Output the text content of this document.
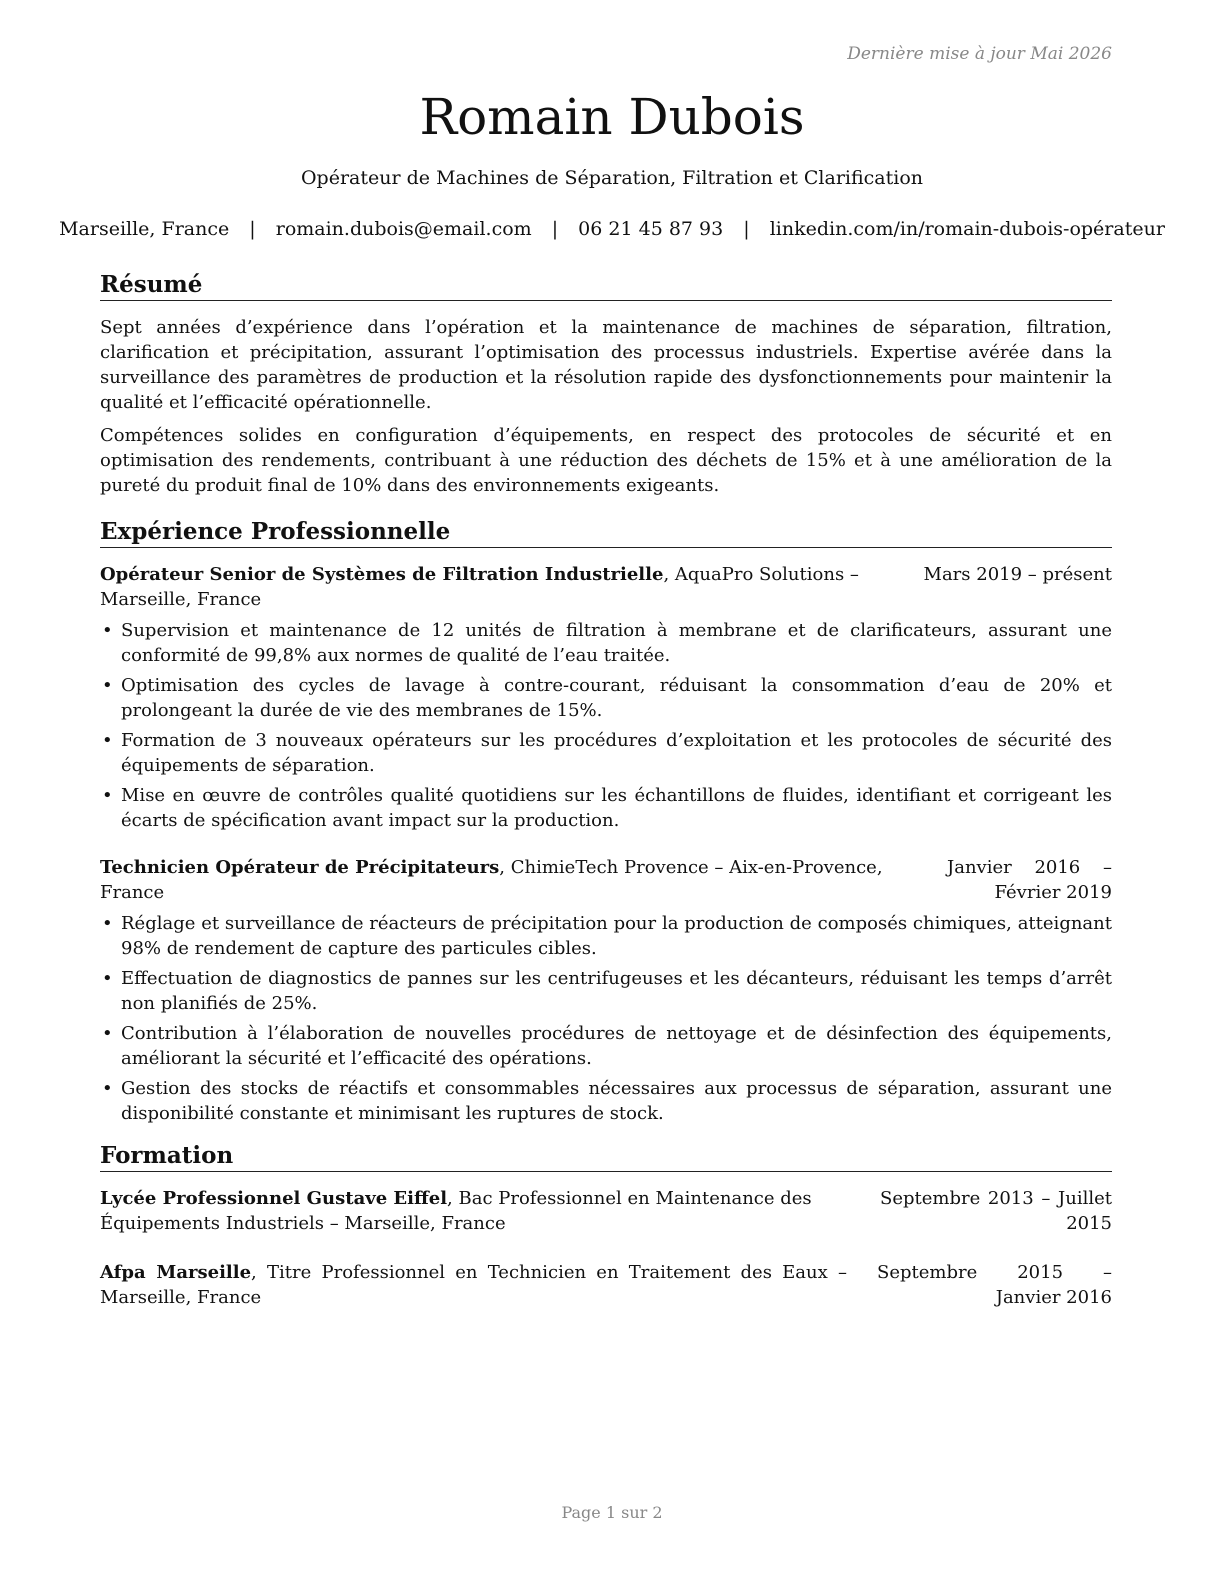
Dernière mise à jour Mai 2026
Romain Dubois
Opérateur de Machines de Séparation, Filtration et Clarification
Marseille, France | romain.dubois@email.com | 06 21 45 87 93 | linkedin.com/in/romain-dubois-opérateur
Résumé

Sept années d’expérience dans l’opération et la maintenance de machines de séparation, filtration, clarification et précipitation, assurant l’optimisation des processus industriels. Expertise avérée dans la surveillance des paramètres de production et la résolution rapide des dysfonctionnements pour maintenir la qualité et l’efficacité opérationnelle.

Compétences solides en configuration d’équipements, en respect des protocoles de sécurité et en optimisation des rendements, contribuant à une réduction des déchets de 15% et à une amélioration de la pureté du produit final de 10% dans des environnements exigeants.

Expérience Professionnelle
Opérateur Senior de Systèmes de Filtration Industrielle, AquaPro Solutions – Marseille, France
Mars 2019 – présent
• Supervision et maintenance de 12 unités de filtration à membrane et de clarificateurs, assurant une conformité de 99,8% aux normes de qualité de l’eau traitée.
• Optimisation des cycles de lavage à contre-courant, réduisant la consommation d’eau de 20% et prolongeant la durée de vie des membranes de 15%.
• Formation de 3 nouveaux opérateurs sur les procédures d’exploitation et les protocoles de sécurité des équipements de séparation.
• Mise en œuvre de contrôles qualité quotidiens sur les échantillons de fluides, identifiant et corrigeant les écarts de spécification avant impact sur la production.
Technicien Opérateur de Précipitateurs, ChimieTech Provence – Aix-en-Provence, France
Janvier 2016 – Février 2019
• Réglage et surveillance de réacteurs de précipitation pour la production de composés chimiques, atteignant 98% de rendement de capture des particules cibles.
• Effectuation de diagnostics de pannes sur les centrifugeuses et les décanteurs, réduisant les temps d’arrêt non planifiés de 25%.
• Contribution à l’élaboration de nouvelles procédures de nettoyage et de désinfection des équipements, améliorant la sécurité et l’efficacité des opérations.
• Gestion des stocks de réactifs et consommables nécessaires aux processus de séparation, assurant une disponibilité constante et minimisant les ruptures de stock.
Formation
Lycée Professionnel Gustave Eiffel, Bac Professionnel en Maintenance des Équipements Industriels – Marseille, France
Septembre 2013 – Juillet 2015
Afpa Marseille, Titre Professionnel en Technicien en Traitement des Eaux – Marseille, France
Septembre 2015 – Janvier 2016
Page 1 sur 2
